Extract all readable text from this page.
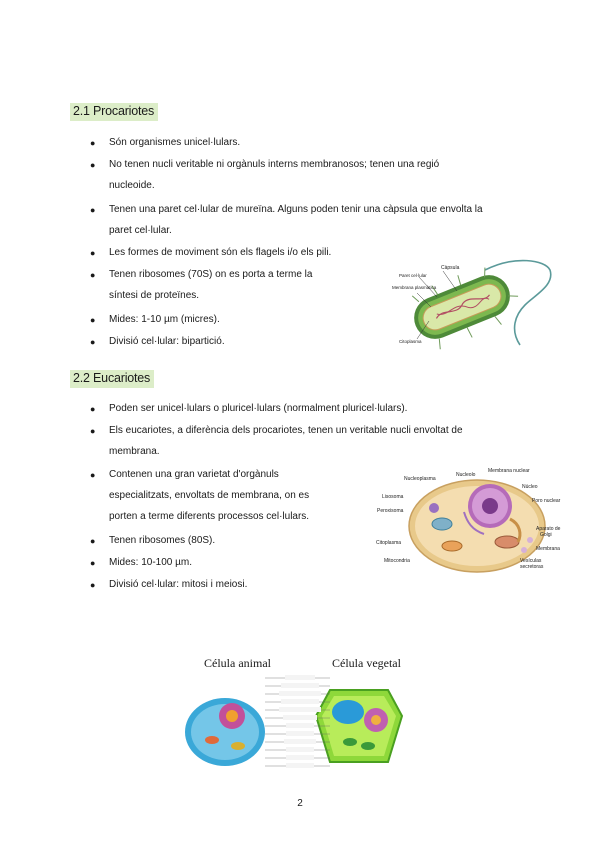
2.1 Procariotes
● Són organismes unicel·lulars.
● No tenen nucli veritable ni orgànuls interns membranosos; tenen una regió
nucleoide.
● Tenen una paret cel·lular de mureïna. Alguns poden tenir una càpsula que envolta la
paret cel·lular.
● Les formes de moviment són els flagels i/o els pili.
● Tenen ribosomes (70S) on es porta a terme la
síntesi de proteïnes.
● Mides: 1-10 µm (micres).
● Divisió cel·lular: bipartició.
Càpsula
Paret cel·lular
Membrana plasmàtica
Citoplasma
2.2 Eucariotes
● Poden ser unicel·lulars o pluricel·lulars (normalment pluricel·lulars).
● Els eucariotes, a diferència dels procariotes, tenen un veritable nucli envoltat de
membrana.
● Contenen una gran varietat d'orgànuls
especialitzats, envoltats de membrana, on es
porten a terme diferents processos cel·lulars.
● Tenen ribosomes (80S).
● Mides: 10-100 µm.
● Divisió cel·lular: mitosi i meiosi.
Nucleoplasma
Nucleolo
Membrana nuclear
Lisosoma
Núcleo
Poro nuclear
Peroxisoma
Aparato de
Golgi
Citoplasma
Membrana
Mitocondria	Vesículas
secretoras
Célula animal	Célula vegetal
2
